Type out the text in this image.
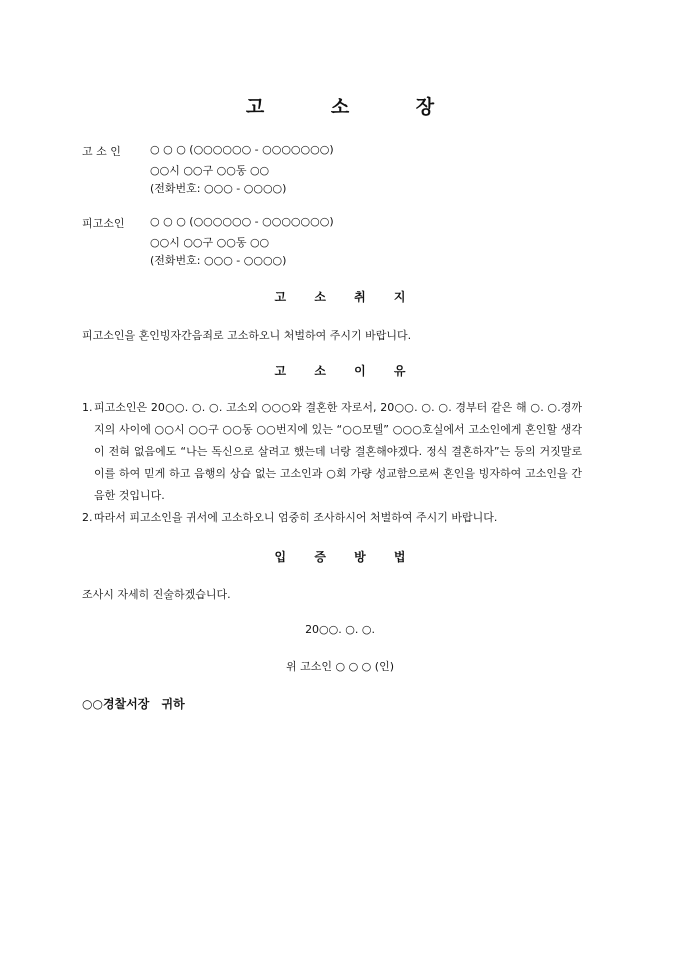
고 소 장
고 소 인	○ ○ ○ (○○○○○○ - ○○○○○○○)
○○시 ○○구 ○○동 ○○
(전화번호: ○○○ - ○○○○)
피고소인 ○ ○ ○ (○○○○○○ - ○○○○○○○)
○○시 ○○구 ○○동 ○○
(전화번호: ○○○ - ○○○○)
고 소 취 지
피고소인을 혼인빙자간음죄로 고소하오니 처벌하여 주시기 바랍니다.
고 소 이 유
1. 피고소인은 20○○. ○. ○. 고소외 ○○○와 결혼한 자로서, 20○○. ○. ○. 경부터 같은 해 ○. ○.경까지의 사이에 ○○시 ○○구 ○○동 ○○번지에 있는 “○○모텔” ○○○호실에서 고소인에게 혼인할 생각이 전혀 없음에도 “나는 독신으로 살려고 했는데 너랑 결혼해야겠다. 정식 결혼하자”는 등의 거짓말로 이를 하여 믿게 하고 음행의 상습 없는 고소인과 ○회 가량 성교함으로써 혼인을 빙자하여 고소인을 간음한 것입니다.
2. 따라서 피고소인을 귀서에 고소하오니 엄중히 조사하시어 처벌하여 주시기 바랍니다.
입 증 방 법
조사시 자세히 진술하겠습니다.
20○○. ○. ○.
위 고소인 ○ ○ ○ (인)
○○경찰서장 귀하
